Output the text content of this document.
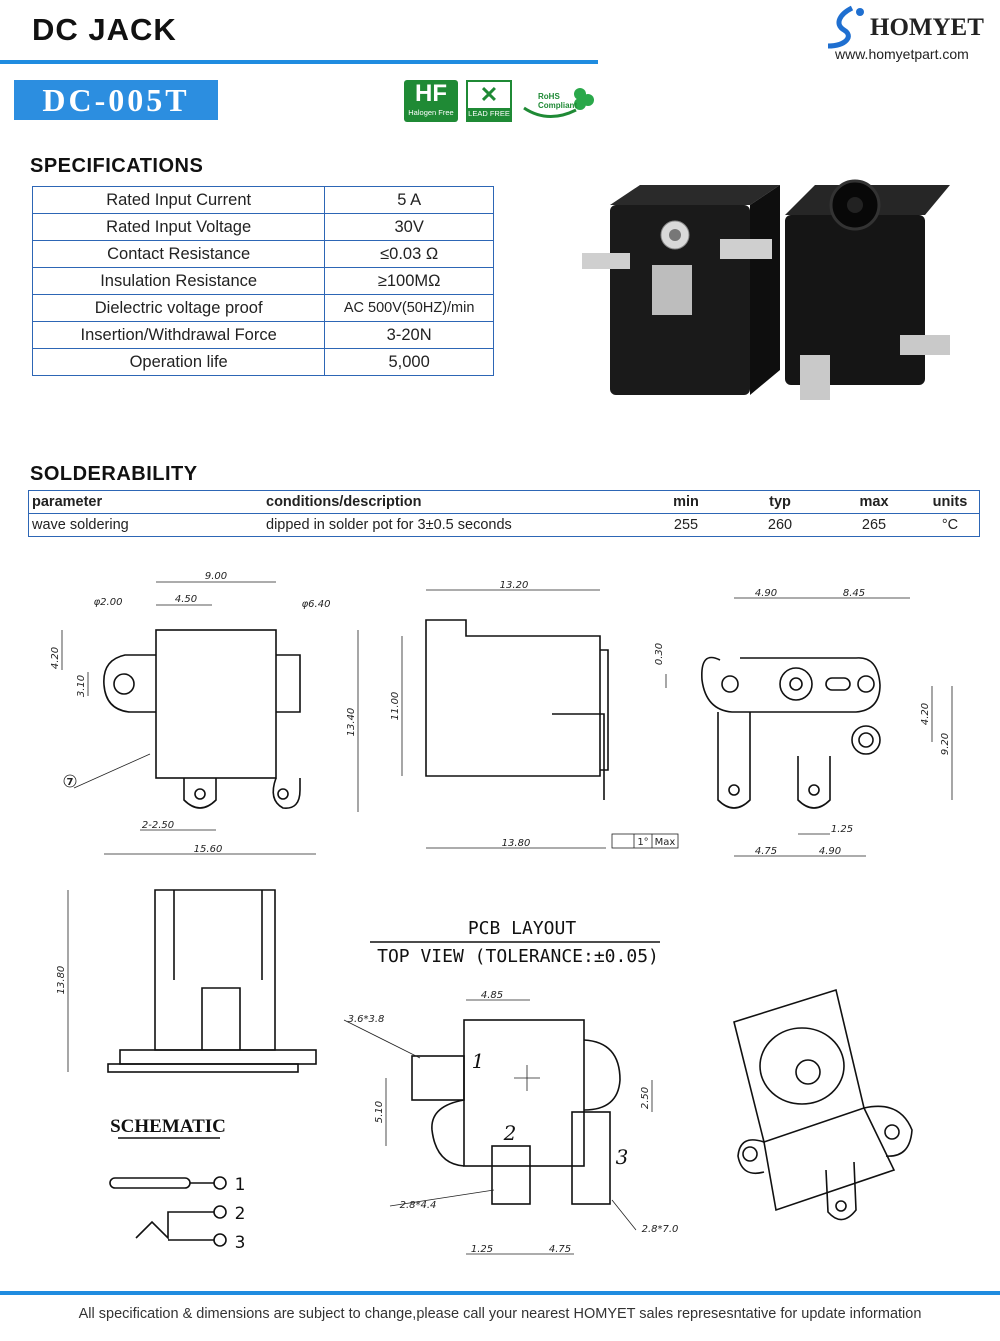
DC JACK	HOMYET
www.homyetpart.com
DC-005T	HF
Halogen Free
✕
LEAD FREE
RoHS
Compliant
SPECIFICATIONS
Rated Input Current	5 A
Rated Input Voltage	30V
Contact Resistance	≤0.03 Ω
Insulation Resistance	≥100MΩ
Dielectric voltage proof	AC 500V(50HZ)/min
Insertion/Withdrawal Force	3-20N
Operation life	5,000
SOLDERABILITY
parameter	conditions/description	min	typ	max	units
wave soldering	dipped in solder pot for 3±0.5 seconds	255	260	265	°C
7
9.00
φ2.00	4.50	φ6.40
4.20
3.10
13.40
2-2.50
15.60
13.20
11.00
13.80	1° Max
4.90	8.45
0.30
4.20
9.20
1.25
4.75	4.90
13.80
PCB LAYOUT
TOP VIEW (TOLERANCE:±0.05)
4.85
3.6*3.8
5.10
2.50
2.8*4.4
2.8*7.0
1.25	4.75
1
2
3
SCHEMATIC
1
2
3
All specification & dimensions are subject to change,please call your nearest HOMYET sales represesntative for update information
